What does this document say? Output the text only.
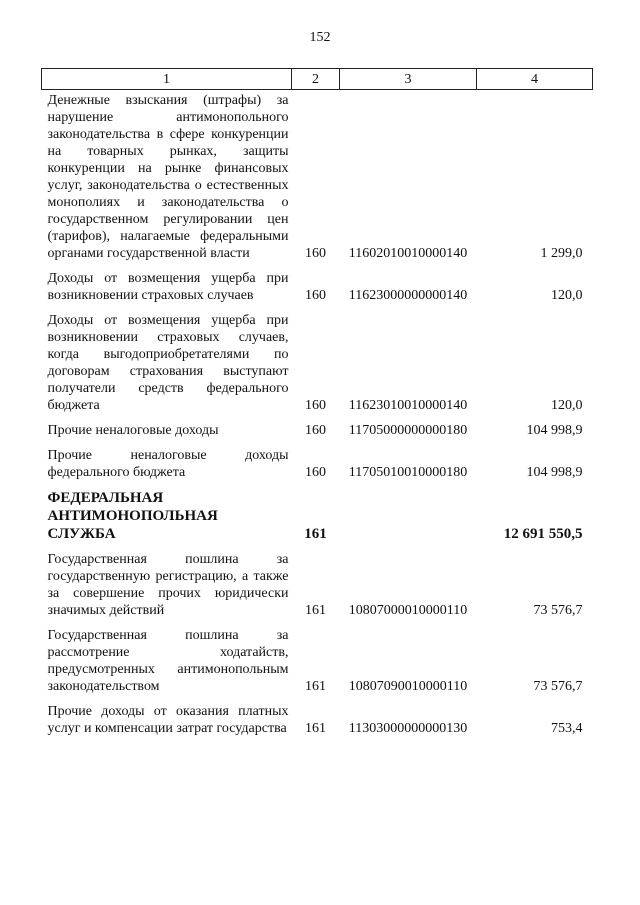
152
1	2	3	4
Денежные взыскания (штрафы) за нарушение антимонопольного законодательства в сфере конкуренции на товарных рынках, защиты конкуренции на рынке финансовых услуг, законодательства о естественных монополиях и законодательства о государственном регулировании цен (тарифов), налагаемые федеральными органами государственной власти	160	11602010010000140	1 299,0
Доходы от возмещения ущерба при возникновении страховых случаев	160	11623000000000140	120,0
Доходы от возмещения ущерба при возникновении страховых случаев, когда выгодоприобретателями по договорам страхования выступают получатели средств федерального бюджета	160	11623010010000140	120,0
Прочие неналоговые доходы	160	11705000000000180	104 998,9
Прочие неналоговые доходы федерального бюджета	160	11705010010000180	104 998,9
ФЕДЕРАЛЬНАЯ АНТИМОНОПОЛЬНАЯ СЛУЖБА	161		12 691 550,5
Государственная пошлина за государственную регистрацию, а также за совершение прочих юридически значимых действий	161	10807000010000110	73 576,7
Государственная пошлина за рассмотрение ходатайств, предусмотренных антимонопольным законодательством	161	10807090010000110	73 576,7
Прочие доходы от оказания платных услуг и компенсации затрат государства	161	11303000000000130	753,4
